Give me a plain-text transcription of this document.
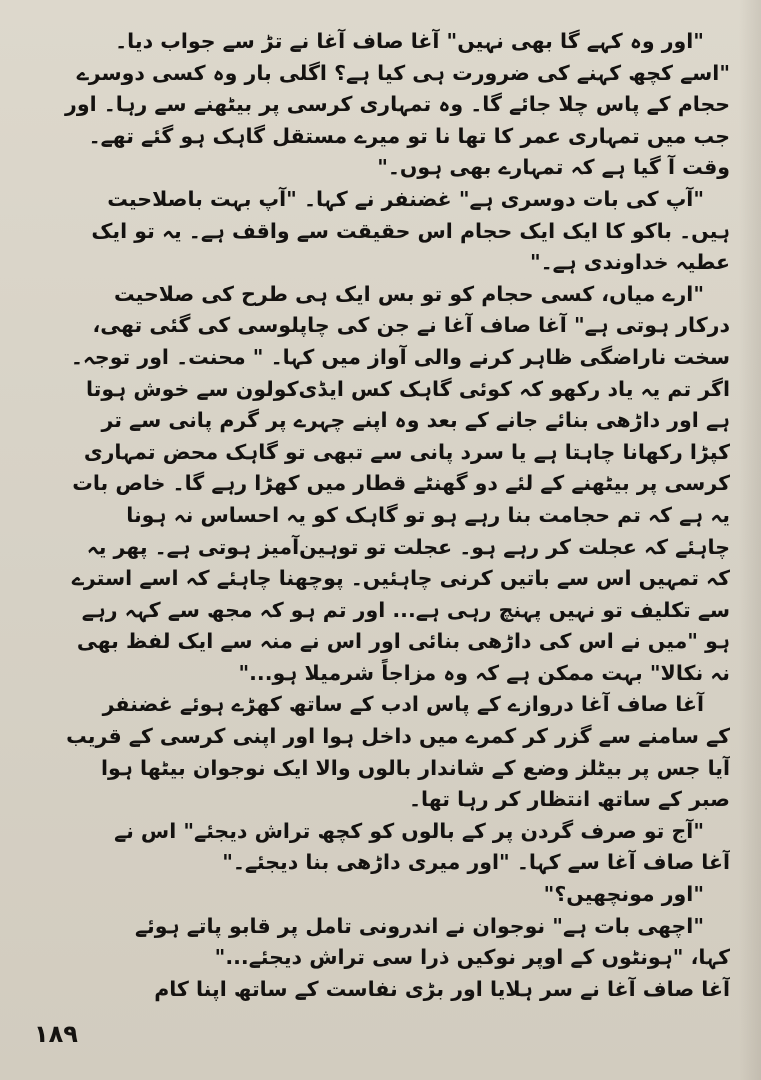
"اور وہ کہے گا بھی نہیں" آغا صاف آغا نے تڑ سے جواب دیا۔
"اسے کچھ کہنے کی ضرورت ہی کیا ہے؟ اگلی بار وہ کسی دوسرے
حجام کے پاس چلا جائے گا۔ وہ تمہاری کرسی پر بیٹھنے سے رہا۔ اور
جب میں تمہاری عمر کا تھا نا تو میرے مستقل گاہک ہو گئے تھے۔
وقت آ گیا ہے کہ تمہارے بھی ہوں۔"
"آپ کی بات دوسری ہے" غضنفر نے کہا۔ "آپ بہت باصلاحیت
ہیں۔ باکو کا ایک ایک حجام اس حقیقت سے واقف ہے۔ یہ تو ایک
عطیہ خداوندی ہے۔"
"ارے میاں، کسی حجام کو تو بس ایک ہی طرح کی صلاحیت
درکار ہوتی ہے" آغا صاف آغا نے جن کی چاپلوسی کی گئی تھی،
سخت ناراضگی ظاہر کرنے والی آواز میں کہا۔ " محنت۔ اور توجہ۔
اگر تم یہ یاد رکھو کہ کوئی گاہک کس ایڈی‌کولون سے خوش ہوتا
ہے اور داڑھی بنائے جانے کے بعد وہ اپنے چہرے پر گرم پانی سے تر
کپڑا رکھانا چاہتا ہے یا سرد پانی سے تبھی تو گاہک محض تمہاری
کرسی پر بیٹھنے کے لئے دو گھنٹے قطار میں کھڑا رہے گا۔ خاص بات
یہ ہے کہ تم حجامت بنا رہے ہو تو گاہک کو یہ احساس نہ ہونا
چاہئے کہ عجلت کر رہے ہو۔ عجلت تو توہین‌آمیز ہوتی ہے۔ پھر یہ
کہ تمہیں اس سے باتیں کرنی چاہئیں۔ پوچھنا چاہئے کہ اسے استرے
سے تکلیف تو نہیں پہنچ رہی ہے... اور تم ہو کہ مجھ سے کہہ رہے
ہو "میں نے اس کی داڑھی بنائی اور اس نے منہ سے ایک لفظ بھی
نہ نکالا" بہت ممکن ہے کہ وہ مزاجاً شرمیلا ہو..."
آغا صاف آغا دروازے کے پاس ادب کے ساتھ کھڑے ہوئے غضنفر
کے سامنے سے گزر کر کمرے میں داخل ہوا اور اپنی کرسی کے قریب
آیا جس پر بیٹلز وضع کے شاندار بالوں والا ایک نوجوان بیٹھا ہوا
صبر کے ساتھ انتظار کر رہا تھا۔
"آج تو صرف گردن پر کے بالوں کو کچھ تراش دیجئے" اس نے
آغا صاف آغا سے کہا۔ "اور میری داڑھی بنا دیجئے۔"
"اور مونچھیں؟"
"اچھی بات ہے" نوجوان نے اندرونی تامل پر قابو پاتے ہوئے
کہا، "ہونٹوں کے اوپر نوکیں ذرا سی تراش دیجئے..."
آغا صاف آغا نے سر ہلایا اور بڑی نفاست کے ساتھ اپنا کام
۱۸۹
